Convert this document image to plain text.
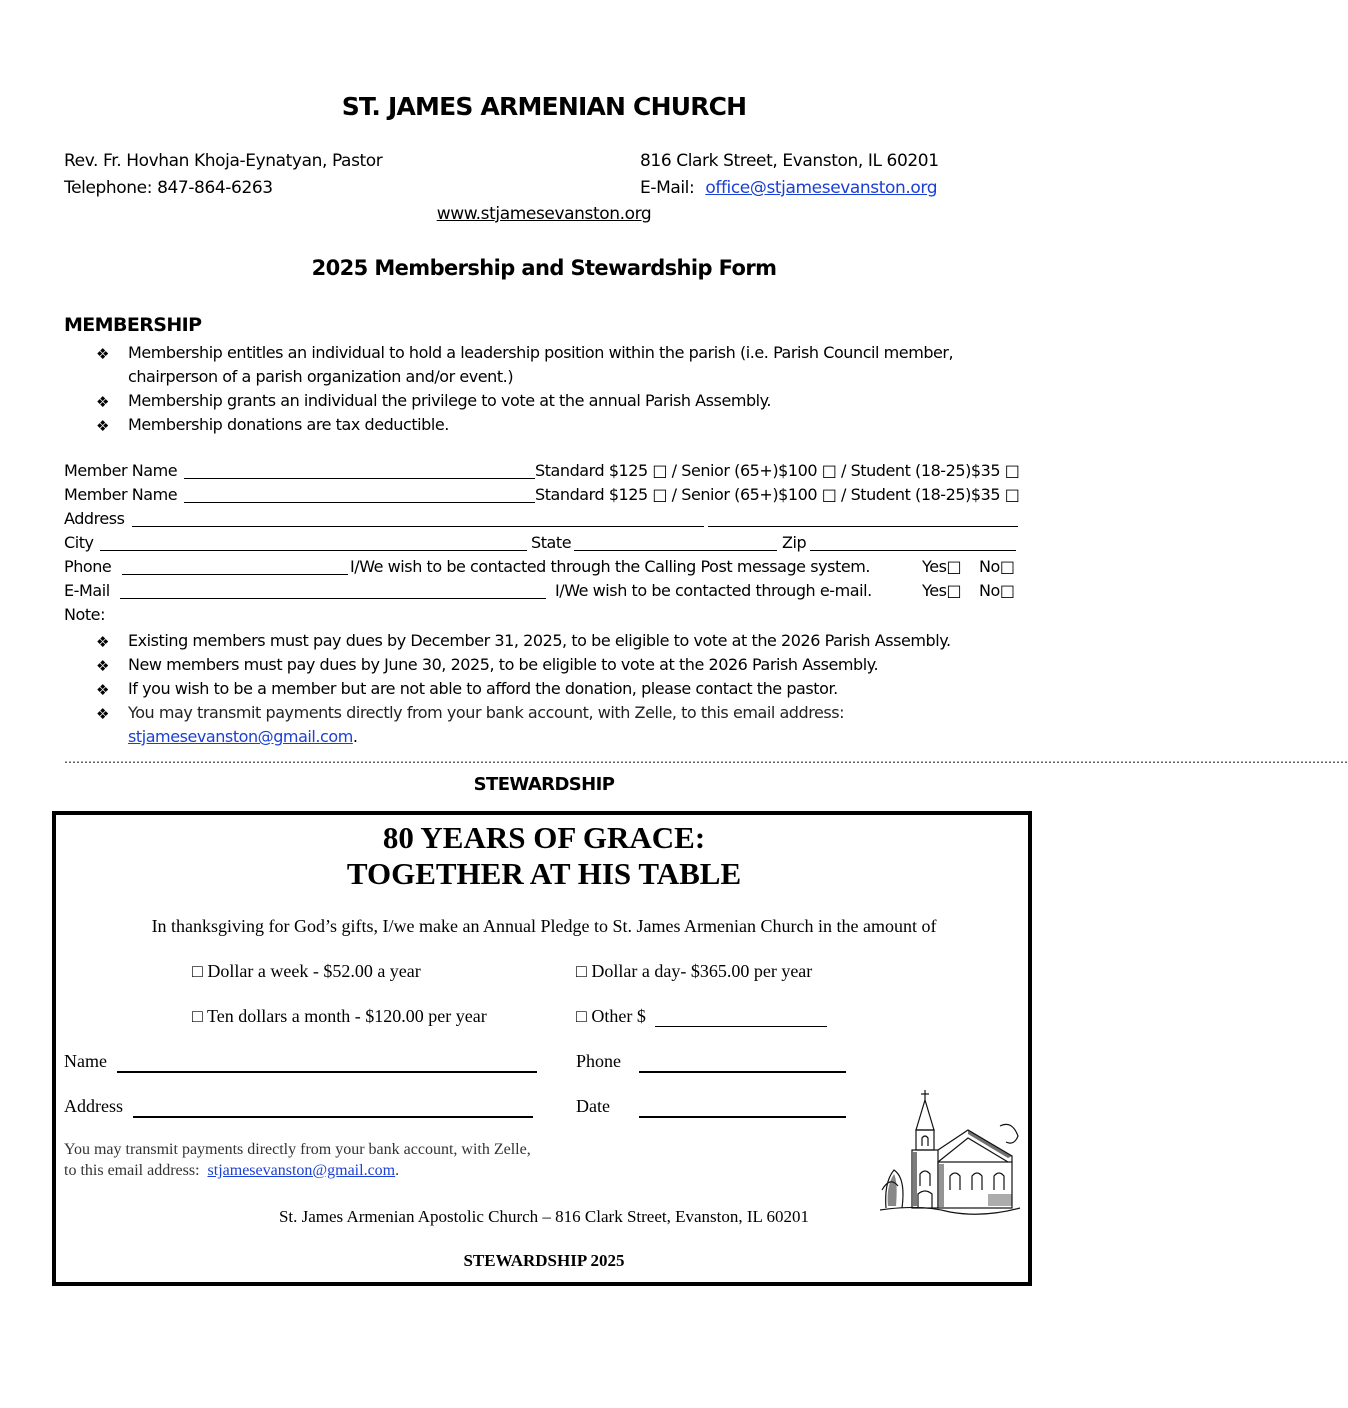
ST. JAMES ARMENIAN CHURCH
Rev. Fr. Hovhan Khoja-Eynatyan, Pastor	816 Clark Street, Evanston, IL 60201
Telephone: 847-864-6263	E-Mail: office@stjamesevanston.org
www.stjamesevanston.org
2025 Membership and Stewardship Form
MEMBERSHIP
❖ Membership entitles an individual to hold a leadership position within the parish (i.e. Parish Council member,
chairperson of a parish organization and/or event.)
❖ Membership grants an individual the privilege to vote at the annual Parish Assembly.
❖ Membership donations are tax deductible.
Member Name	Standard $125 □ / Senior (65+)$100 □ / Student (18-25)$35 □
Member Name	Standard $125 □ / Senior (65+)$100 □ / Student (18-25)$35 □
Address
City	State	Zip
Phone	I/We wish to be contacted through the Calling Post message system.	Yes□ No□
E-Mail	I/We wish to be contacted through e-mail.	Yes□ No□
Note:
❖ Existing members must pay dues by December 31, 2025, to be eligible to vote at the 2026 Parish Assembly.
❖ New members must pay dues by June 30, 2025, to be eligible to vote at the 2026 Parish Assembly.
❖ If you wish to be a member but are not able to afford the donation, please contact the pastor.
❖ You may transmit payments directly from your bank account, with Zelle, to this email address:
stjamesevanston@gmail.com.
……………………………………………………………………………………………………………………………………………………………………………………………………………………………………………………………………………………………
STEWARDSHIP
80 YEARS OF GRACE:
TOGETHER AT HIS TABLE
In thanksgiving for God’s gifts, I/we make an Annual Pledge to St. James Armenian Church in the amount of
□ Dollar a week - $52.00 a year	□ Dollar a day- $365.00 per year
□ Ten dollars a month - $120.00 per year	□ Other $
Name	Phone
Address	Date
You may transmit payments directly from your bank account, with Zelle,
to this email address: stjamesevanston@gmail.com.
St. James Armenian Apostolic Church – 816 Clark Street, Evanston, IL 60201
STEWARDSHIP 2025
